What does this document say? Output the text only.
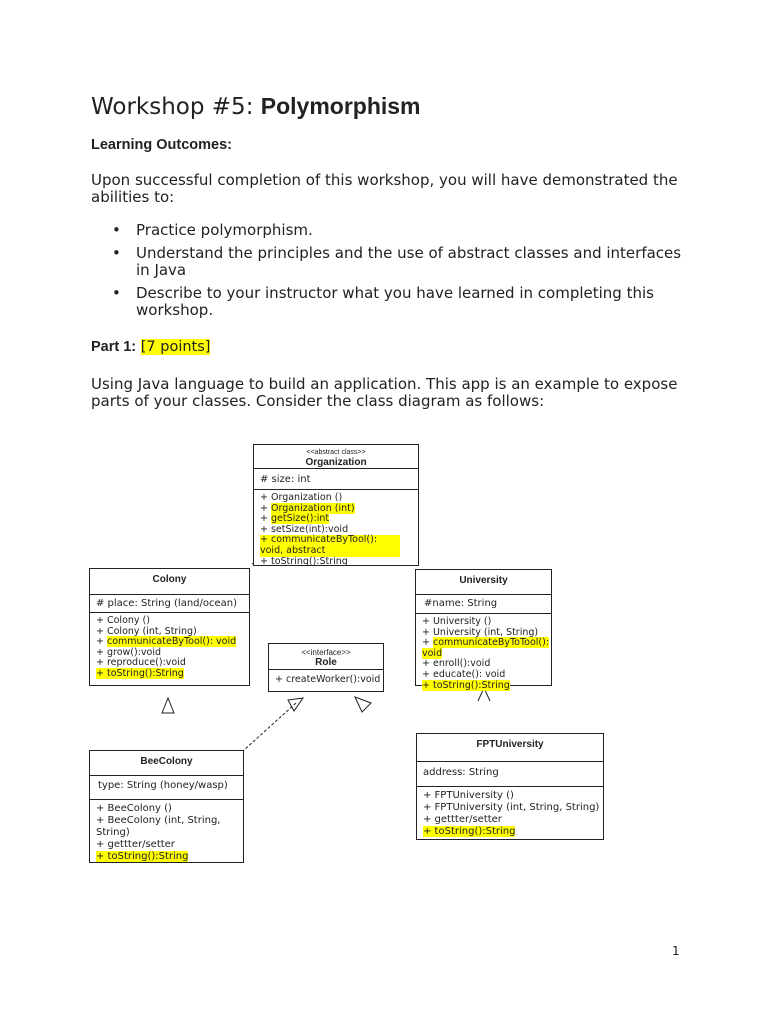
Workshop #5: Polymorphism

Learning Outcomes:

Upon successful completion of this workshop, you will have demonstrated the abilities to:

• Practice polymorphism.
• Understand the principles and the use of abstract classes and interfaces in Java
• Describe to your instructor what you have learned in completing this workshop.

Part 1: [7 points]

Using Java language to build an application. This app is an example to expose parts of your classes. Consider the class diagram as follows:

<<abstract class>>
Organization
# size: int
+ Organization ()
+ Organization (int)
+ getSize():int
+ setSize(int):void
+ communicateByTool(): void, abstract
+ toString():String
Colony
# place: String (land/ocean)
+ Colony ()
+ Colony (int, String)
+ communicateByTool(): void
+ grow():void
+ reproduce():void
+ toString():String
<<interface>>
Role
+ createWorker():void
University
#name: String
+ University ()
+ University (int, String)
+ communicateByToTool():
void
+ enroll():void
+ educate(): void
+ toString():String
BeeColony
type: String (honey/wasp)
+ BeeColony ()
+ BeeColony (int, String, String)
+ gettter/setter
+ toString():String
FPTUniversity
address: String
+ FPTUniversity ()
+ FPTUniversity (int, String, String)
+ gettter/setter
+ toString():String
1
